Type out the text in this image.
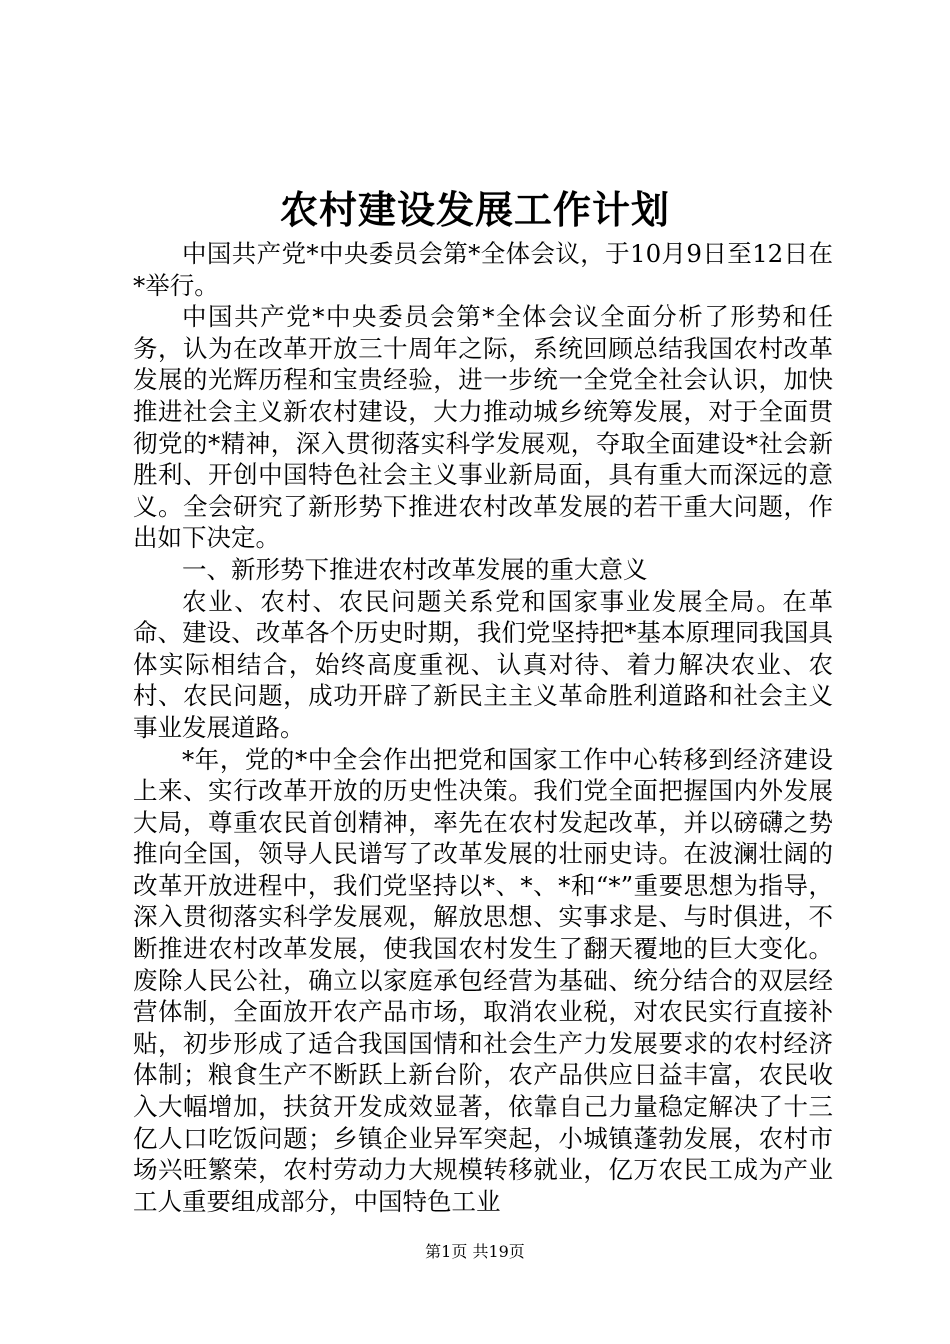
农村建设发展工作计划

中国共产党*中央委员会第*全体会议，于10月9日至12日在*举行。

中国共产党*中央委员会第*全体会议全面分析了形势和任务，认为在改革开放三十周年之际，系统回顾总结我国农村改革发展的光辉历程和宝贵经验，进一步统一全党全社会认识，加快推进社会主义新农村建设，大力推动城乡统筹发展，对于全面贯彻党的*精神，深入贯彻落实科学发展观，夺取全面建设*社会新胜利、开创中国特色社会主义事业新局面，具有重大而深远的意义。全会研究了新形势下推进农村改革发展的若干重大问题，作出如下决定。

一、新形势下推进农村改革发展的重大意义

农业、农村、农民问题关系党和国家事业发展全局。在革命、建设、改革各个历史时期，我们党坚持把*基本原理同我国具体实际相结合，始终高度重视、认真对待、着力解决农业、农村、农民问题，成功开辟了新民主主义革命胜利道路和社会主义事业发展道路。

*年，党的*中全会作出把党和国家工作中心转移到经济建设上来、实行改革开放的历史性决策。我们党全面把握国内外发展大局，尊重农民首创精神，率先在农村发起改革，并以磅礴之势推向全国，领导人民谱写了改革发展的壮丽史诗。在波澜壮阔的改革开放进程中，我们党坚持以*、*、*和“*”重要思想为指导，深入贯彻落实科学发展观，解放思想、实事求是、与时俱进，不断推进农村改革发展，使我国农村发生了翻天覆地的巨大变化。废除人民公社，确立以家庭承包经营为基础、统分结合的双层经营体制，全面放开农产品市场，取消农业税，对农民实行直接补贴，初步形成了适合我国国情和社会生产力发展要求的农村经济体制；粮食生产不断跃上新台阶，农产品供应日益丰富，农民收入大幅增加，扶贫开发成效显著，依靠自己力量稳定解决了十三亿人口吃饭问题；乡镇企业异军突起，小城镇蓬勃发展，农村市场兴旺繁荣，农村劳动力大规模转移就业，亿万农民工成为产业工人重要组成部分，中国特色工业

第1页 共19页
